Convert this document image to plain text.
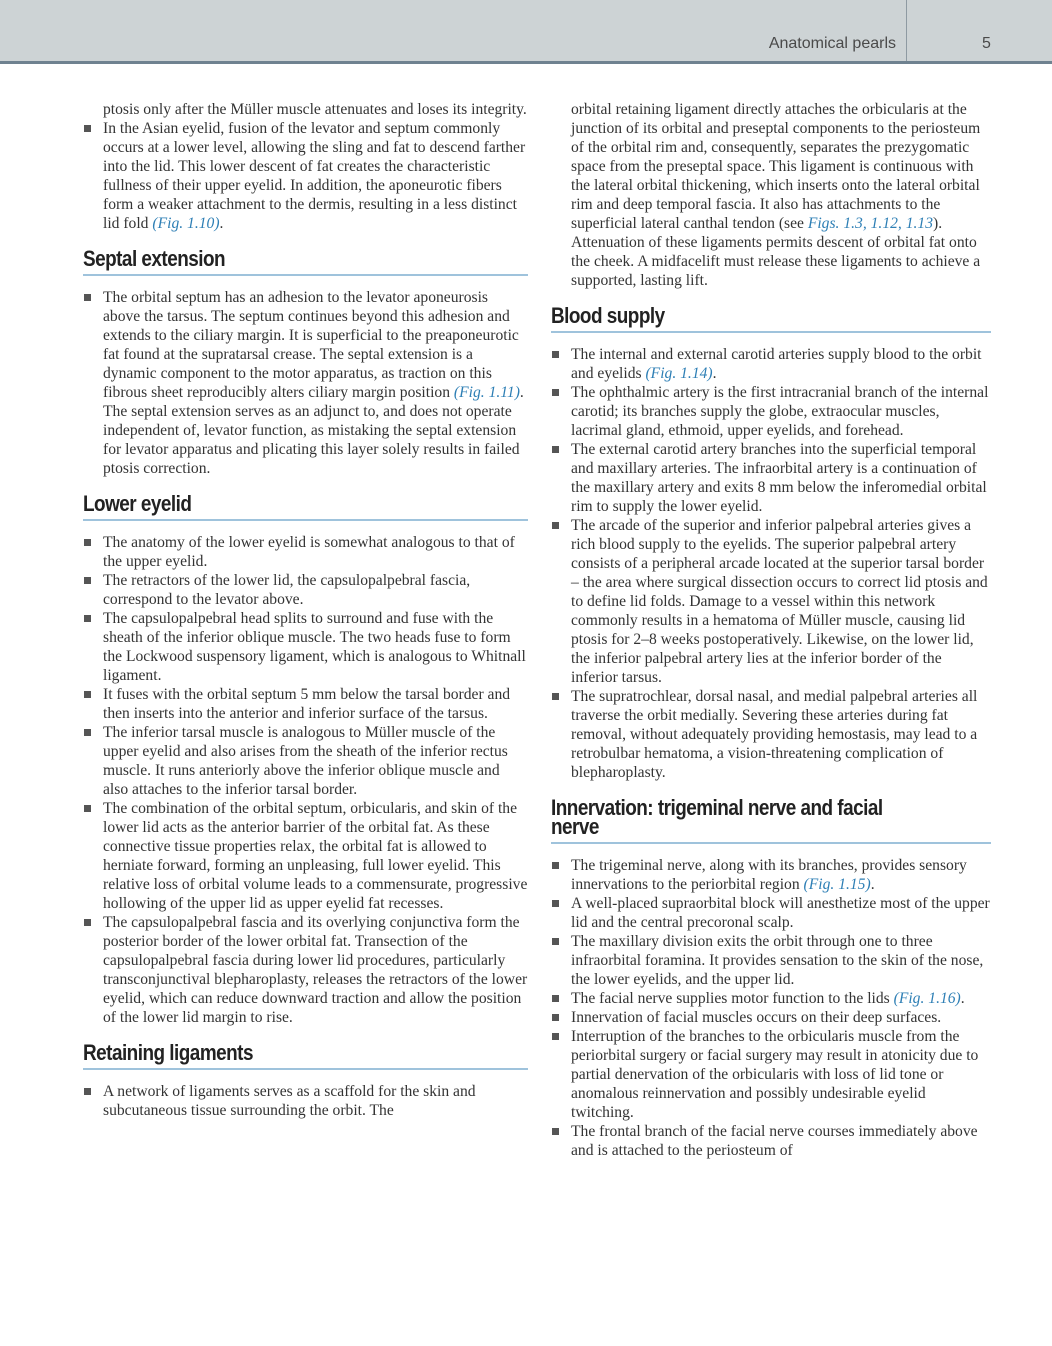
Anatomical pearls	5

ptosis only after the Müller muscle attenuates and loses its integrity.

In the Asian eyelid, fusion of the levator and septum commonly occurs at a lower level, allowing the sling and fat to descend farther into the lid. This lower descent of fat creates the characteristic fullness of their upper eyelid. In addition, the aponeurotic fibers form a weaker attachment to the dermis, resulting in a less distinct lid fold (Fig. 1.10).
Septal extension
The orbital septum has an adhesion to the levator aponeurosis above the tarsus. The septum continues beyond this adhesion and extends to the ciliary margin. It is superficial to the preaponeurotic fat found at the supratarsal crease. The septal extension is a dynamic component to the motor apparatus, as traction on this fibrous sheet reproducibly alters ciliary margin position (Fig. 1.11). The septal extension serves as an adjunct to, and does not operate independent of, levator function, as mistaking the septal extension for levator apparatus and plicating this layer solely results in failed ptosis correction.
Lower eyelid
The anatomy of the lower eyelid is somewhat analogous to that of the upper eyelid.
The retractors of the lower lid, the capsulopalpebral fascia, correspond to the levator above.
The capsulopalpebral head splits to surround and fuse with the sheath of the inferior oblique muscle. The two heads fuse to form the Lockwood suspensory ligament, which is analogous to Whitnall ligament.
It fuses with the orbital septum 5 mm below the tarsal border and then inserts into the anterior and inferior surface of the tarsus.
The inferior tarsal muscle is analogous to Müller muscle of the upper eyelid and also arises from the sheath of the inferior rectus muscle. It runs anteriorly above the inferior oblique muscle and also attaches to the inferior tarsal border.
The combination of the orbital septum, orbicularis, and skin of the lower lid acts as the anterior barrier of the orbital fat. As these connective tissue properties relax, the orbital fat is allowed to herniate forward, forming an unpleasing, full lower eyelid. This relative loss of orbital volume leads to a commensurate, progressive hollowing of the upper lid as upper eyelid fat recesses.
The capsulopalpebral fascia and its overlying conjunctiva form the posterior border of the lower orbital fat. Transection of the capsulopalpebral fascia during lower lid procedures, particularly transconjunctival blepharoplasty, releases the retractors of the lower eyelid, which can reduce downward traction and allow the position of the lower lid margin to rise.
Retaining ligaments
A network of ligaments serves as a scaffold for the skin and subcutaneous tissue surrounding the orbit. The

orbital retaining ligament directly attaches the orbicularis at the junction of its orbital and preseptal components to the periosteum of the orbital rim and, consequently, separates the prezygomatic space from the preseptal space. This ligament is continuous with the lateral orbital thickening, which inserts onto the lateral orbital rim and deep temporal fascia. It also has attachments to the superficial lateral canthal tendon (see Figs. 1.3, 1.12, 1.13). Attenuation of these ligaments permits descent of orbital fat onto the cheek. A midfacelift must release these ligaments to achieve a supported, lasting lift.

Blood supply
The internal and external carotid arteries supply blood to the orbit and eyelids (Fig. 1.14).
The ophthalmic artery is the first intracranial branch of the internal carotid; its branches supply the globe, extraocular muscles, lacrimal gland, ethmoid, upper eyelids, and forehead.
The external carotid artery branches into the superficial temporal and maxillary arteries. The infraorbital artery is a continuation of the maxillary artery and exits 8 mm below the inferomedial orbital rim to supply the lower eyelid.
The arcade of the superior and inferior palpebral arteries gives a rich blood supply to the eyelids. The superior palpebral artery consists of a peripheral arcade located at the superior tarsal border – the area where surgical dissection occurs to correct lid ptosis and to define lid folds. Damage to a vessel within this network commonly results in a hematoma of Müller muscle, causing lid ptosis for 2–8 weeks postoperatively. Likewise, on the lower lid, the inferior palpebral artery lies at the inferior border of the inferior tarsus.
The supratrochlear, dorsal nasal, and medial palpebral arteries all traverse the orbit medially. Severing these arteries during fat removal, without adequately providing hemostasis, may lead to a retrobulbar hematoma, a vision-threatening complication of blepharoplasty.
Innervation: trigeminal nerve and facial nerve
The trigeminal nerve, along with its branches, provides sensory innervations to the periorbital region (Fig. 1.15).
A well-placed supraorbital block will anesthetize most of the upper lid and the central precoronal scalp.
The maxillary division exits the orbit through one to three infraorbital foramina. It provides sensation to the skin of the nose, the lower eyelids, and the upper lid.
The facial nerve supplies motor function to the lids (Fig. 1.16).
Innervation of facial muscles occurs on their deep surfaces.
Interruption of the branches to the orbicularis muscle from the periorbital surgery or facial surgery may result in atonicity due to partial denervation of the orbicularis with loss of lid tone or anomalous reinnervation and possibly undesirable eyelid twitching.
The frontal branch of the facial nerve courses immediately above and is attached to the periosteum of
